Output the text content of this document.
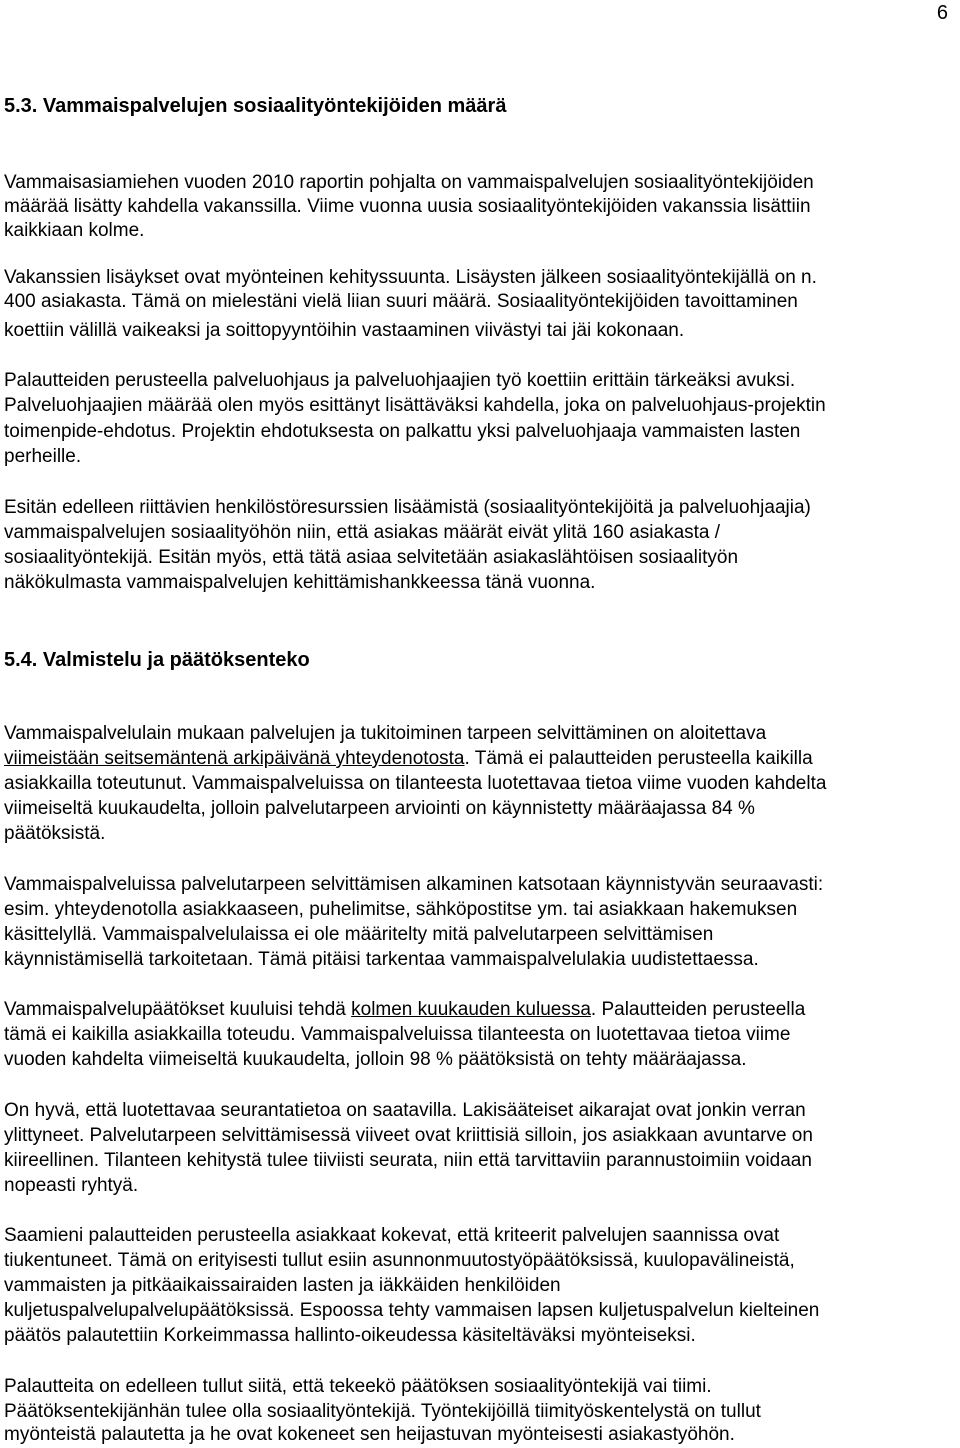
6
5.3. Vammaispalvelujen sosiaalityöntekijöiden määrä
Vammaisasiamiehen vuoden 2010 raportin pohjalta on vammaispalvelujen sosiaalityöntekijöiden
määrää lisätty kahdella vakanssilla. Viime vuonna uusia sosiaalityöntekijöiden vakanssia lisättiin
kaikkiaan kolme.
Vakanssien lisäykset ovat myönteinen kehityssuunta. Lisäysten jälkeen sosiaalityöntekijällä on n.
400 asiakasta. Tämä on mielestäni vielä liian suuri määrä. Sosiaalityöntekijöiden tavoittaminen
koettiin välillä vaikeaksi ja soittopyyntöihin vastaaminen viivästyi tai jäi kokonaan.
Palautteiden perusteella palveluohjaus ja palveluohjaajien työ koettiin erittäin tärkeäksi avuksi.
Palveluohjaajien määrää olen myös esittänyt lisättäväksi kahdella, joka on palveluohjaus-projektin
toimenpide-ehdotus. Projektin ehdotuksesta on palkattu yksi palveluohjaaja vammaisten lasten
perheille.
Esitän edelleen riittävien henkilöstöresurssien lisäämistä (sosiaalityöntekijöitä ja palveluohjaajia)
vammaispalvelujen sosiaalityöhön niin, että asiakas määrät eivät ylitä 160 asiakasta /
sosiaalityöntekijä. Esitän myös, että tätä asiaa selvitetään asiakaslähtöisen sosiaalityön
näkökulmasta vammaispalvelujen kehittämishankkeessa tänä vuonna.
5.4. Valmistelu ja päätöksenteko
Vammaispalvelulain mukaan palvelujen ja tukitoiminen tarpeen selvittäminen on aloitettava
viimeistään seitsemäntenä arkipäivänä yhteydenotosta. Tämä ei palautteiden perusteella kaikilla
asiakkailla toteutunut. Vammaispalveluissa on tilanteesta luotettavaa tietoa viime vuoden kahdelta
viimeiseltä kuukaudelta, jolloin palvelutarpeen arviointi on käynnistetty määräajassa 84 %
päätöksistä.
Vammaispalveluissa palvelutarpeen selvittämisen alkaminen katsotaan käynnistyvän seuraavasti:
esim. yhteydenotolla asiakkaaseen, puhelimitse, sähköpostitse ym. tai asiakkaan hakemuksen
käsittelyllä. Vammaispalvelulaissa ei ole määritelty mitä palvelutarpeen selvittämisen
käynnistämisellä tarkoitetaan. Tämä pitäisi tarkentaa vammaispalvelulakia uudistettaessa.
Vammaispalvelupäätökset kuuluisi tehdä kolmen kuukauden kuluessa. Palautteiden perusteella
tämä ei kaikilla asiakkailla toteudu. Vammaispalveluissa tilanteesta on luotettavaa tietoa viime
vuoden kahdelta viimeiseltä kuukaudelta, jolloin 98 % päätöksistä on tehty määräajassa.
On hyvä, että luotettavaa seurantatietoa on saatavilla. Lakisääteiset aikarajat ovat jonkin verran
ylittyneet. Palvelutarpeen selvittämisessä viiveet ovat kriittisiä silloin, jos asiakkaan avuntarve on
kiireellinen. Tilanteen kehitystä tulee tiiviisti seurata, niin että tarvittaviin parannustoimiin voidaan
nopeasti ryhtyä.
Saamieni palautteiden perusteella asiakkaat kokevat, että kriteerit palvelujen saannissa ovat
tiukentuneet. Tämä on erityisesti tullut esiin asunnonmuutostyöpäätöksissä, kuulopavälineistä,
vammaisten ja pitkäaikaissairaiden lasten ja iäkkäiden henkilöiden
kuljetuspalvelupalvelupäätöksissä. Espoossa tehty vammaisen lapsen kuljetuspalvelun kielteinen
päätös palautettiin Korkeimmassa hallinto-oikeudessa käsiteltäväksi myönteiseksi.
Palautteita on edelleen tullut siitä, että tekeekö päätöksen sosiaalityöntekijä vai tiimi.
Päätöksentekijänhän tulee olla sosiaalityöntekijä. Työntekijöillä tiimityöskentelystä on tullut
myönteistä palautetta ja he ovat kokeneet sen heijastuvan myönteisesti asiakastyöhön.
